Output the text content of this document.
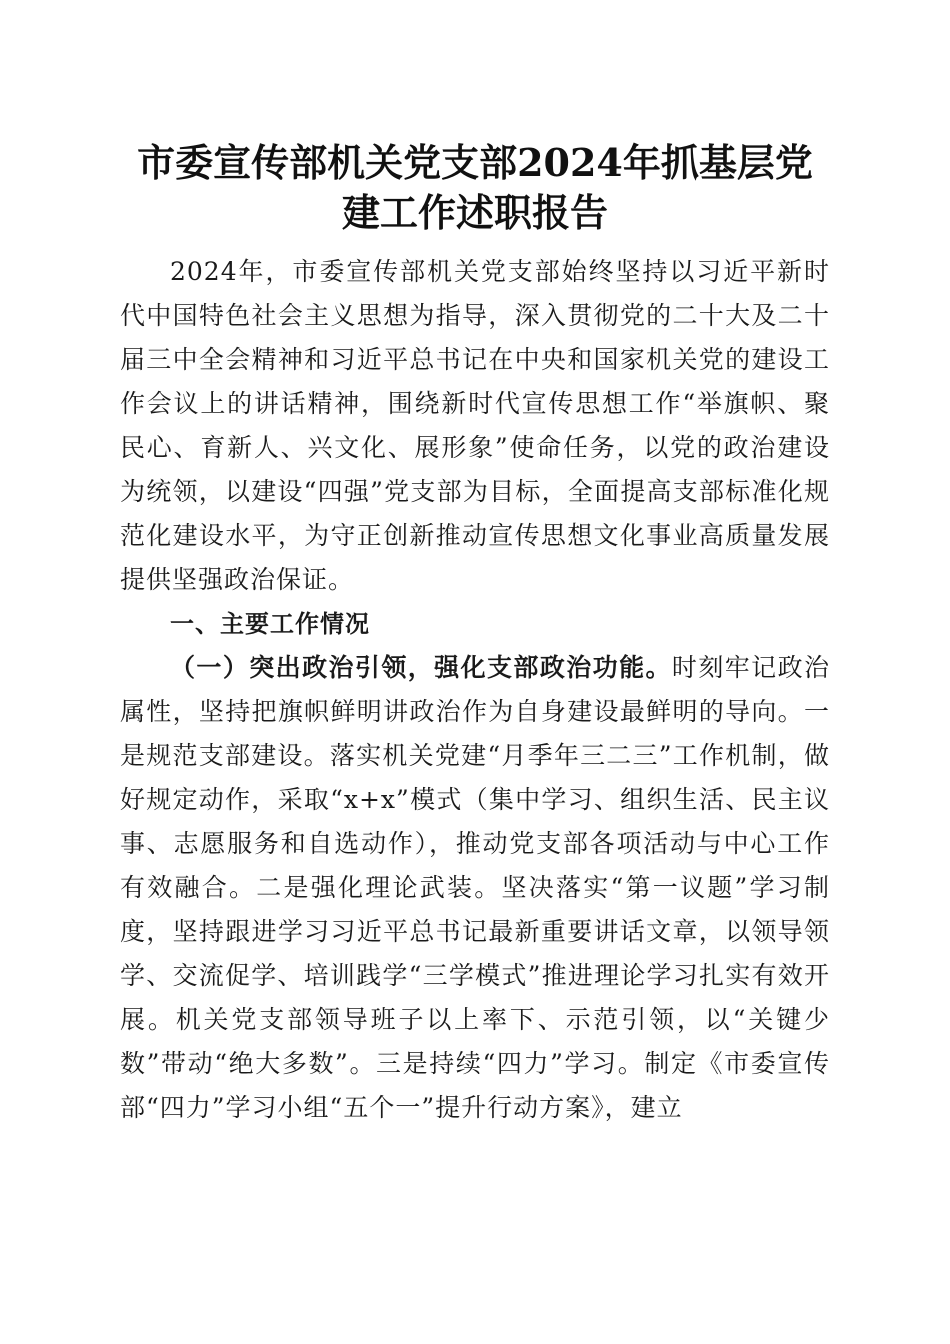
市委宣传部机关党支部2024年抓基层党建工作述职报告

2024年，市委宣传部机关党支部始终坚持以习近平新时代中国特色社会主义思想为指导，深入贯彻党的二十大及二十届三中全会精神和习近平总书记在中央和国家机关党的建设工作会议上的讲话精神，围绕新时代宣传思想工作“举旗帜、聚民心、育新人、兴文化、展形象”使命任务，以党的政治建设为统领，以建设“四强”党支部为目标，全面提高支部标准化规范化建设水平，为守正创新推动宣传思想文化事业高质量发展提供坚强政治保证。

一、主要工作情况

（一）突出政治引领，强化支部政治功能。时刻牢记政治属性，坚持把旗帜鲜明讲政治作为自身建设最鲜明的导向。一是规范支部建设。落实机关党建“月季年三二三”工作机制，做好规定动作，采取“x+x”模式（集中学习、组织生活、民主议事、志愿服务和自选动作），推动党支部各项活动与中心工作有效融合。二是强化理论武装。坚决落实“第一议题”学习制度，坚持跟进学习习近平总书记最新重要讲话文章，以领导领学、交流促学、培训践学“三学模式”推进理论学习扎实有效开展。机关党支部领导班子以上率下、示范引领，以“关键少数”带动“绝大多数”。三是持续“四力”学习。制定《市委宣传部“四力”学习小组“五个一”提升行动方案》，建立
